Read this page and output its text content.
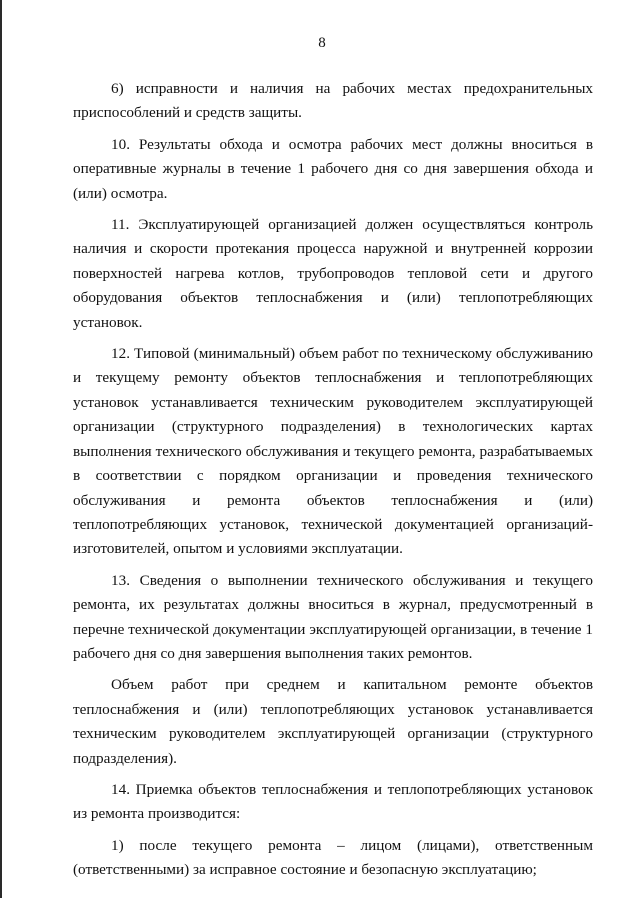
8

6) исправности и наличия на рабочих местах предохранительных приспособлений и средств защиты.

10. Результаты обхода и осмотра рабочих мест должны вноситься в оперативные журналы в течение 1 рабочего дня со дня завершения обхода и (или) осмотра.

11. Эксплуатирующей организацией должен осуществляться контроль наличия и скорости протекания процесса наружной и внутренней коррозии поверхностей нагрева котлов, трубопроводов тепловой сети и другого оборудования объектов теплоснабжения и (или) теплопотребляющих установок.

12. Типовой (минимальный) объем работ по техническому обслуживанию и текущему ремонту объектов теплоснабжения и теплопотребляющих установок устанавливается техническим руководителем эксплуатирующей организации (структурного подразделения) в технологических картах выполнения технического обслуживания и текущего ремонта, разрабатываемых в соответствии с порядком организации и проведения технического обслуживания и ремонта объектов теплоснабжения и (или) теплопотребляющих установок, технической документацией организаций-изготовителей, опытом и условиями эксплуатации.

13. Сведения о выполнении технического обслуживания и текущего ремонта, их результатах должны вноситься в журнал, предусмотренный в перечне технической документации эксплуатирующей организации, в течение 1 рабочего дня со дня завершения выполнения таких ремонтов.

Объем работ при среднем и капитальном ремонте объектов теплоснабжения и (или) теплопотребляющих установок устанавливается техническим руководителем эксплуатирующей организации (структурного подразделения).

14. Приемка объектов теплоснабжения и теплопотребляющих установок из ремонта производится:

1) после текущего ремонта – лицом (лицами), ответственным (ответственными) за исправное состояние и безопасную эксплуатацию;
